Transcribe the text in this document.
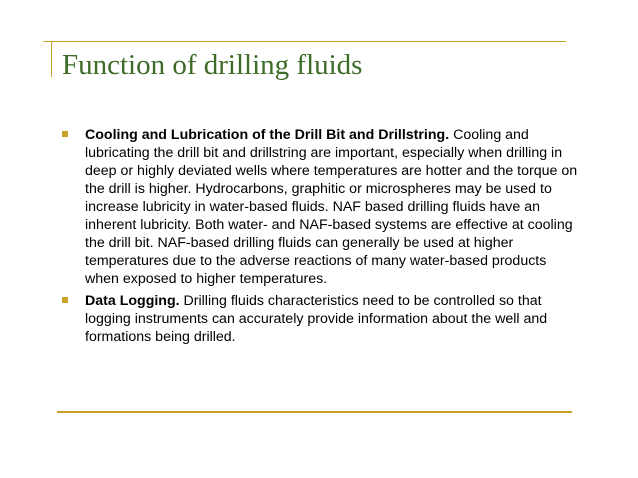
Function of drilling fluids
Cooling and Lubrication of the Drill Bit and Drillstring. Cooling and lubricating the drill bit and drillstring are important, especially when drilling in deep or highly deviated wells where temperatures are hotter and the torque on the drill is higher. Hydrocarbons, graphitic or microspheres may be used to increase lubricity in water-based fluids. NAF based drilling fluids have an inherent lubricity. Both water- and NAF-based systems are effective at cooling the drill bit. NAF-based drilling fluids can generally be used at higher temperatures due to the adverse reactions of many water-based products when exposed to higher temperatures.
Data Logging. Drilling fluids characteristics need to be controlled so that logging instruments can accurately provide information about the well and formations being drilled.
